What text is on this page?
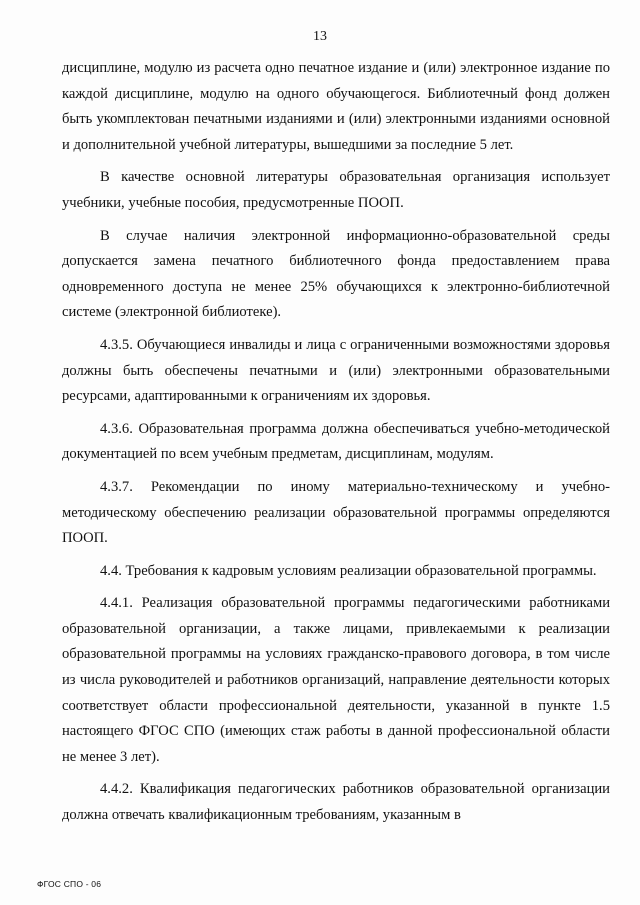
13

дисциплине, модулю из расчета одно печатное издание и (или) электронное издание по каждой дисциплине, модулю на одного обучающегося. Библиотечный фонд должен быть укомплектован печатными изданиями и (или) электронными изданиями основной и дополнительной учебной литературы, вышедшими за последние 5 лет.

В качестве основной литературы образовательная организация использует учебники, учебные пособия, предусмотренные ПООП.

В случае наличия электронной информационно-образовательной среды допускается замена печатного библиотечного фонда предоставлением права одновременного доступа не менее 25% обучающихся к электронно-библиотечной системе (электронной библиотеке).

4.3.5. Обучающиеся инвалиды и лица с ограниченными возможностями здоровья должны быть обеспечены печатными и (или) электронными образовательными ресурсами, адаптированными к ограничениям их здоровья.

4.3.6. Образовательная программа должна обеспечиваться учебно-методической документацией по всем учебным предметам, дисциплинам, модулям.

4.3.7. Рекомендации по иному материально-техническому и учебно-методическому обеспечению реализации образовательной программы определяются ПООП.

4.4. Требования к кадровым условиям реализации образовательной программы.

4.4.1. Реализация образовательной программы педагогическими работниками образовательной организации, а также лицами, привлекаемыми к реализации образовательной программы на условиях гражданско-правового договора, в том числе из числа руководителей и работников организаций, направление деятельности которых соответствует области профессиональной деятельности, указанной в пункте 1.5 настоящего ФГОС СПО (имеющих стаж работы в данной профессиональной области не менее 3 лет).

4.4.2. Квалификация педагогических работников образовательной организации должна отвечать квалификационным требованиям, указанным в

ФГОС СПО - 06
